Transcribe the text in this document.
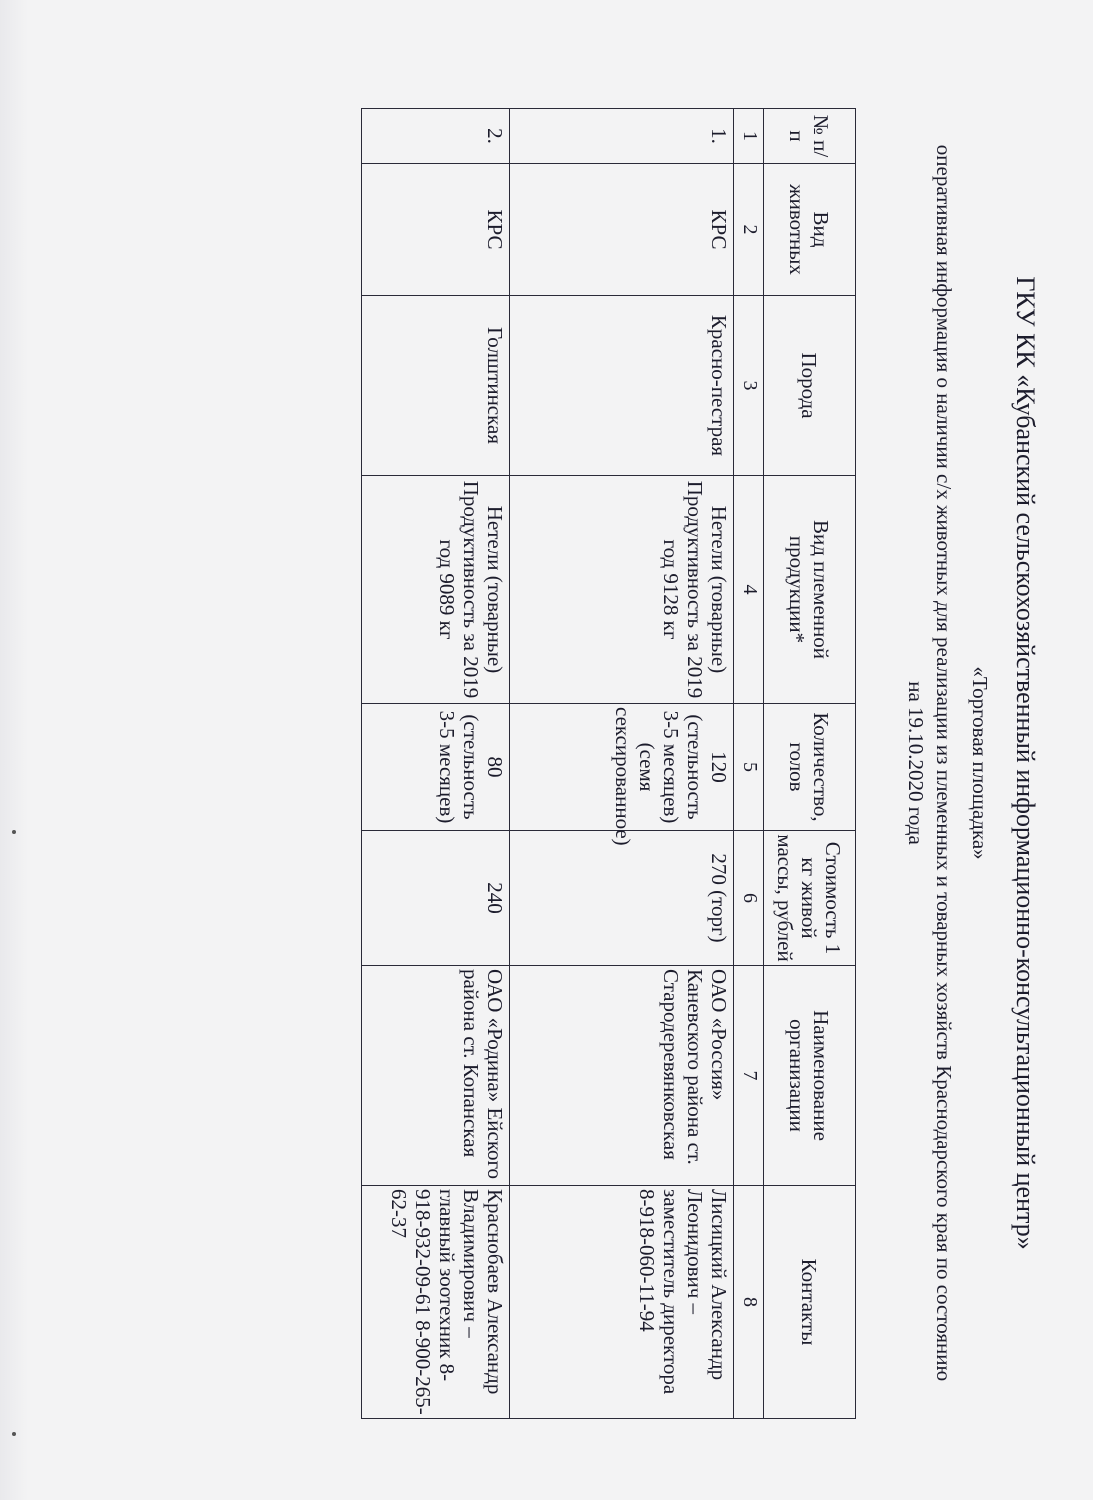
ГКУ КК «Кубанский сельскохозяйственный информационно-консультационный центр»
«Торговая площадка»
оперативная информация о наличии с/х животных для реализации из племенных и товарных хозяйств Краснодарского края по состоянию на 19.10.2020 года
№ п/п	Вид животных	Порода	Вид племенной продукции*	Количество, голов	Стоимость 1 кг живой массы, рублей	Наименование организации	Контакты
1	2	3	4	5	6	7	8
1.	КРС	Красно-пестрая	Нетели (товарные) Продуктивность за 2019 год 9128 кг	120 (стельность 3-5 месяцев) (семя сексированное)	270 (торг)	ОАО «Россия» Каневского района ст. Стародеревянковская	Лисицкий Александр Леонидович – заместитель директора 8-918-060-11-94
2.	КРС	Голштинская	Нетели (товарные) Продуктивность за 2019 год 9089 кг	80 (стельность 3-5 месяцев)	240	ОАО «Родина» Ейского района ст. Копанская	Краснобаев Александр Владимирович – главный зоотехник 8-918-932-09-61 8-900-265-62-37
